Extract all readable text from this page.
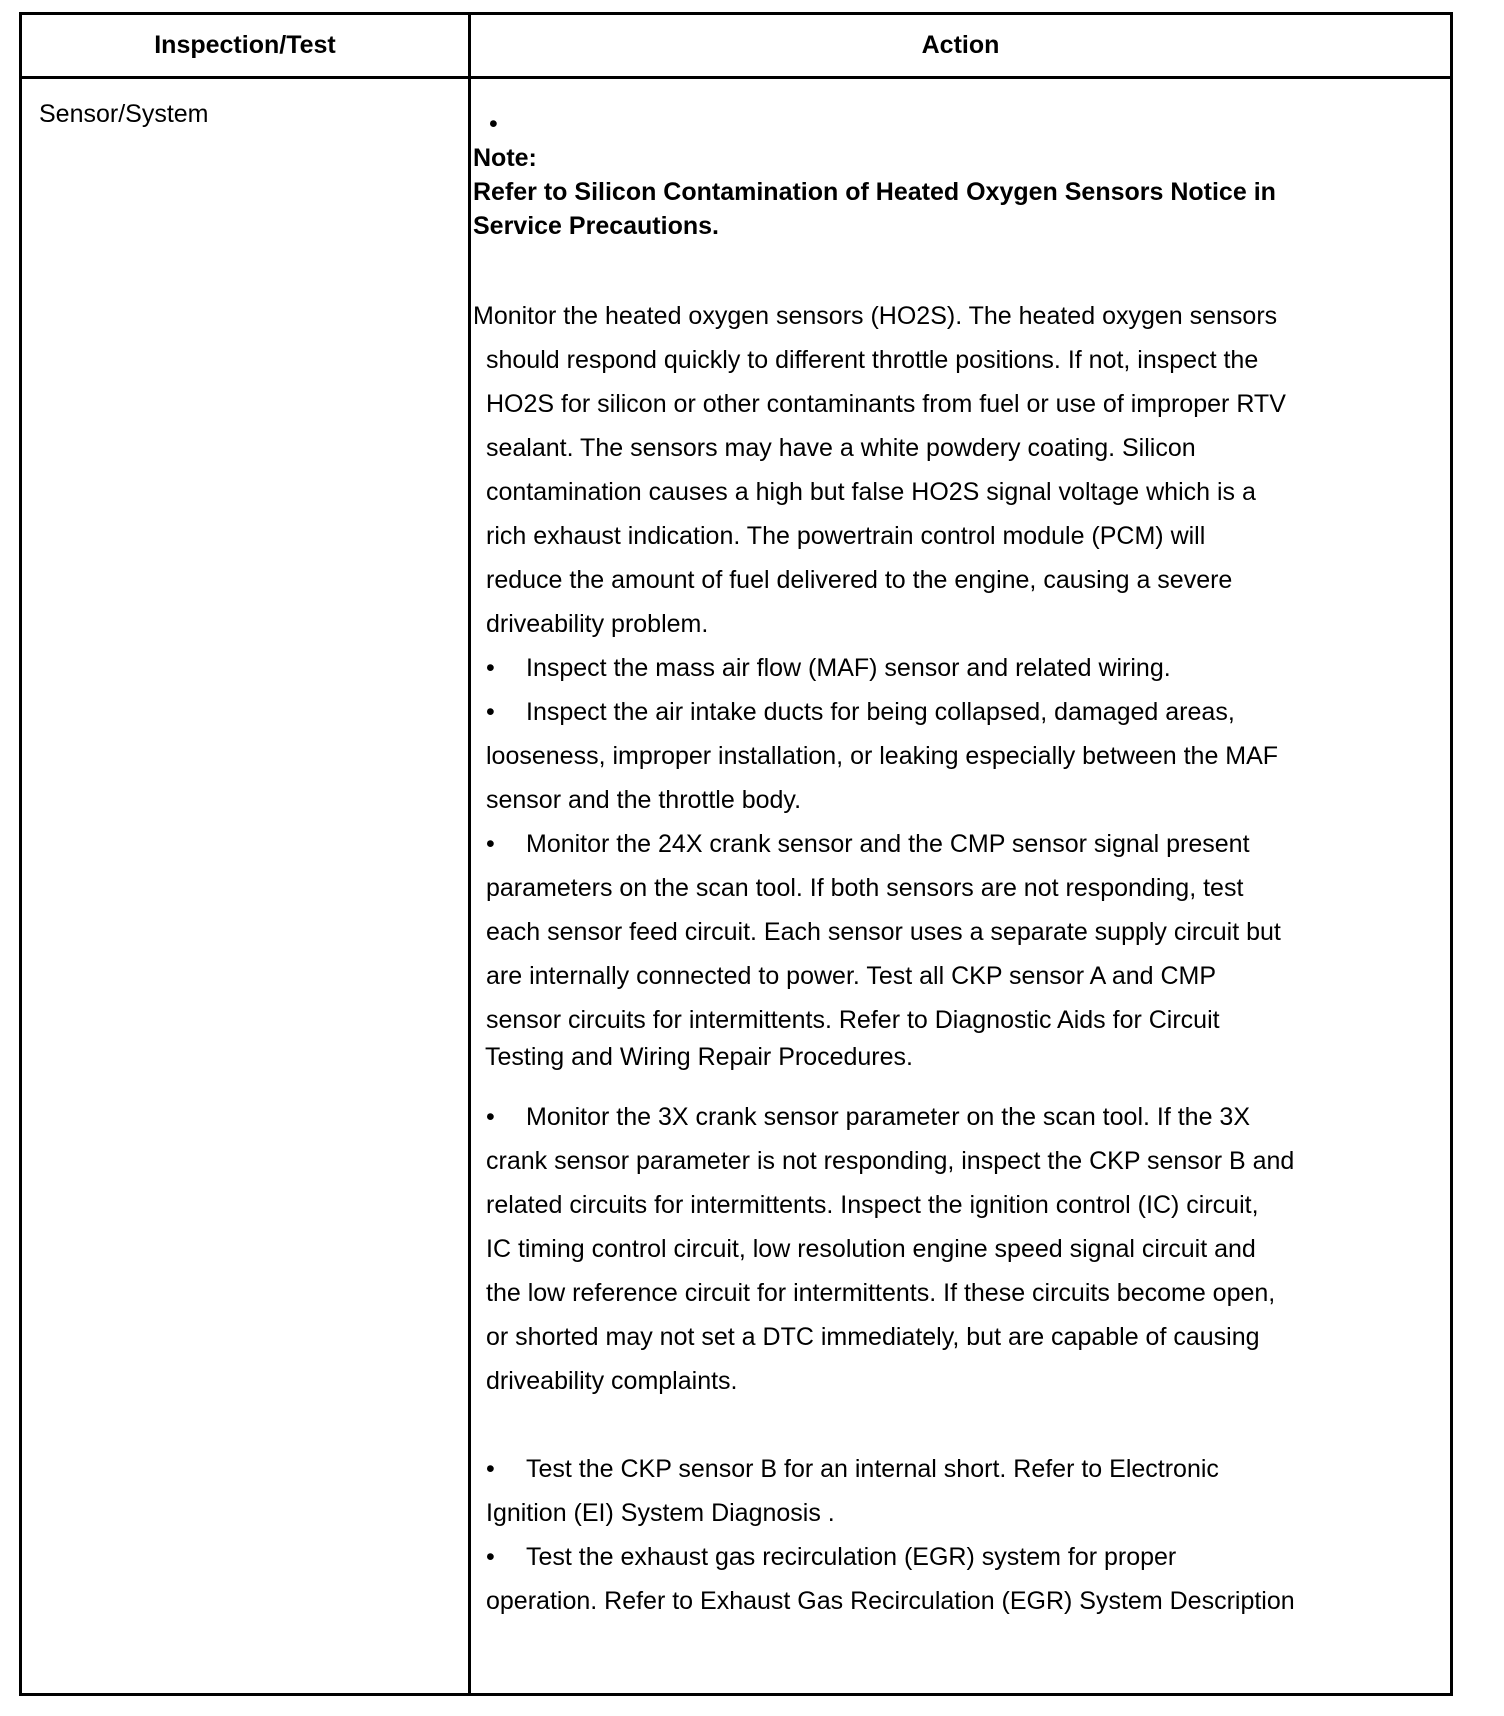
Inspection/Test	Action
Sensor/System	•
Note:
Refer to Silicon Contamination of Heated Oxygen Sensors Notice in
Service Precautions.
Monitor the heated oxygen sensors (HO2S). The heated oxygen sensors
should respond quickly to different throttle positions. If not, inspect the
HO2S for silicon or other contaminants from fuel or use of improper RTV
sealant. The sensors may have a white powdery coating. Silicon
contamination causes a high but false HO2S signal voltage which is a
rich exhaust indication. The powertrain control module (PCM) will
reduce the amount of fuel delivered to the engine, causing a severe
driveability problem.
• Inspect the mass air flow (MAF) sensor and related wiring.
• Inspect the air intake ducts for being collapsed, damaged areas,
looseness, improper installation, or leaking especially between the MAF
sensor and the throttle body.
• Monitor the 24X crank sensor and the CMP sensor signal present
parameters on the scan tool. If both sensors are not responding, test
each sensor feed circuit. Each sensor uses a separate supply circuit but
are internally connected to power. Test all CKP sensor A and CMP
sensor circuits for intermittents. Refer to Diagnostic Aids for Circuit
Testing and Wiring Repair Procedures.
• Monitor the 3X crank sensor parameter on the scan tool. If the 3X
crank sensor parameter is not responding, inspect the CKP sensor B and
related circuits for intermittents. Inspect the ignition control (IC) circuit,
IC timing control circuit, low resolution engine speed signal circuit and
the low reference circuit for intermittents. If these circuits become open,
or shorted may not set a DTC immediately, but are capable of causing
driveability complaints.
• Test the CKP sensor B for an internal short. Refer to Electronic
Ignition (EI) System Diagnosis .
• Test the exhaust gas recirculation (EGR) system for proper
operation. Refer to Exhaust Gas Recirculation (EGR) System Description
